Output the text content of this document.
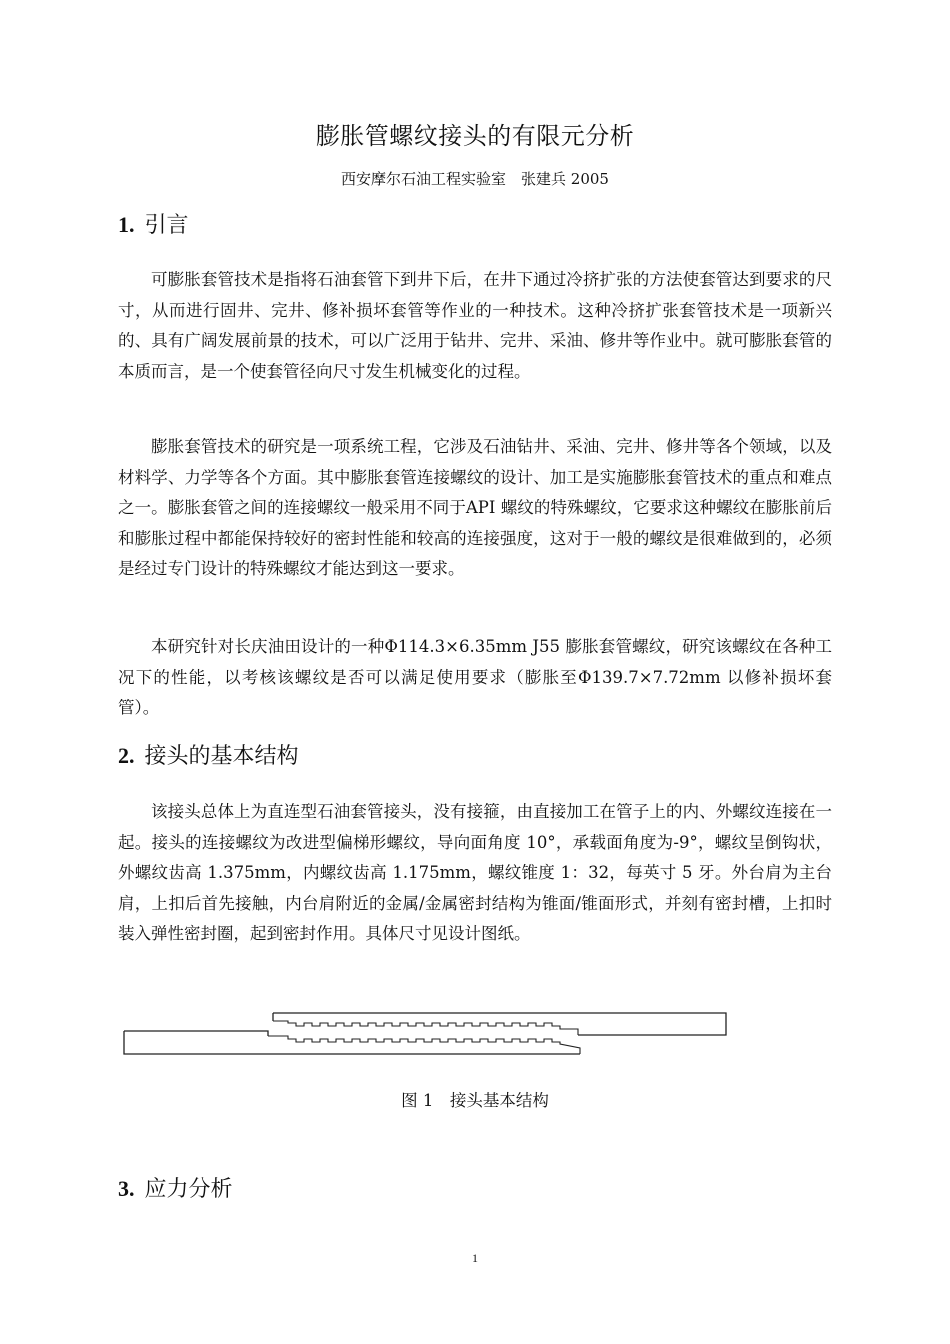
膨胀管螺纹接头的有限元分析
西安摩尔石油工程实验室　张建兵 2005
1. 引言

可膨胀套管技术是指将石油套管下到井下后，在井下通过冷挤扩张的方法使套管达到要求的尺寸，从而进行固井、完井、修补损坏套管等作业的一种技术。这种冷挤扩张套管技术是一项新兴的、具有广阔发展前景的技术，可以广泛用于钻井、完井、采油、修井等作业中。就可膨胀套管的本质而言，是一个使套管径向尺寸发生机械变化的过程。

膨胀套管技术的研究是一项系统工程，它涉及石油钻井、采油、完井、修井等各个领域，以及材料学、力学等各个方面。其中膨胀套管连接螺纹的设计、加工是实施膨胀套管技术的重点和难点之一。膨胀套管之间的连接螺纹一般采用不同于API 螺纹的特殊螺纹，它要求这种螺纹在膨胀前后和膨胀过程中都能保持较好的密封性能和较高的连接强度，这对于一般的螺纹是很难做到的，必须是经过专门设计的特殊螺纹才能达到这一要求。

本研究针对长庆油田设计的一种Φ114.3×6.35mm J55 膨胀套管螺纹，研究该螺纹在各种工况下的性能，以考核该螺纹是否可以满足使用要求（膨胀至Φ139.7×7.72mm 以修补损坏套管）。

2. 接头的基本结构

该接头总体上为直连型石油套管接头，没有接箍，由直接加工在管子上的内、外螺纹连接在一起。接头的连接螺纹为改进型偏梯形螺纹，导向面角度 10°，承载面角度为-9°，螺纹呈倒钩状，外螺纹齿高 1.375mm，内螺纹齿高 1.175mm，螺纹锥度 1：32，每英寸 5 牙。外台肩为主台肩，上扣后首先接触，内台肩附近的金属/金属密封结构为锥面/锥面形式，并刻有密封槽，上扣时装入弹性密封圈，起到密封作用。具体尺寸见设计图纸。

图 1　接头基本结构
3. 应力分析
1
